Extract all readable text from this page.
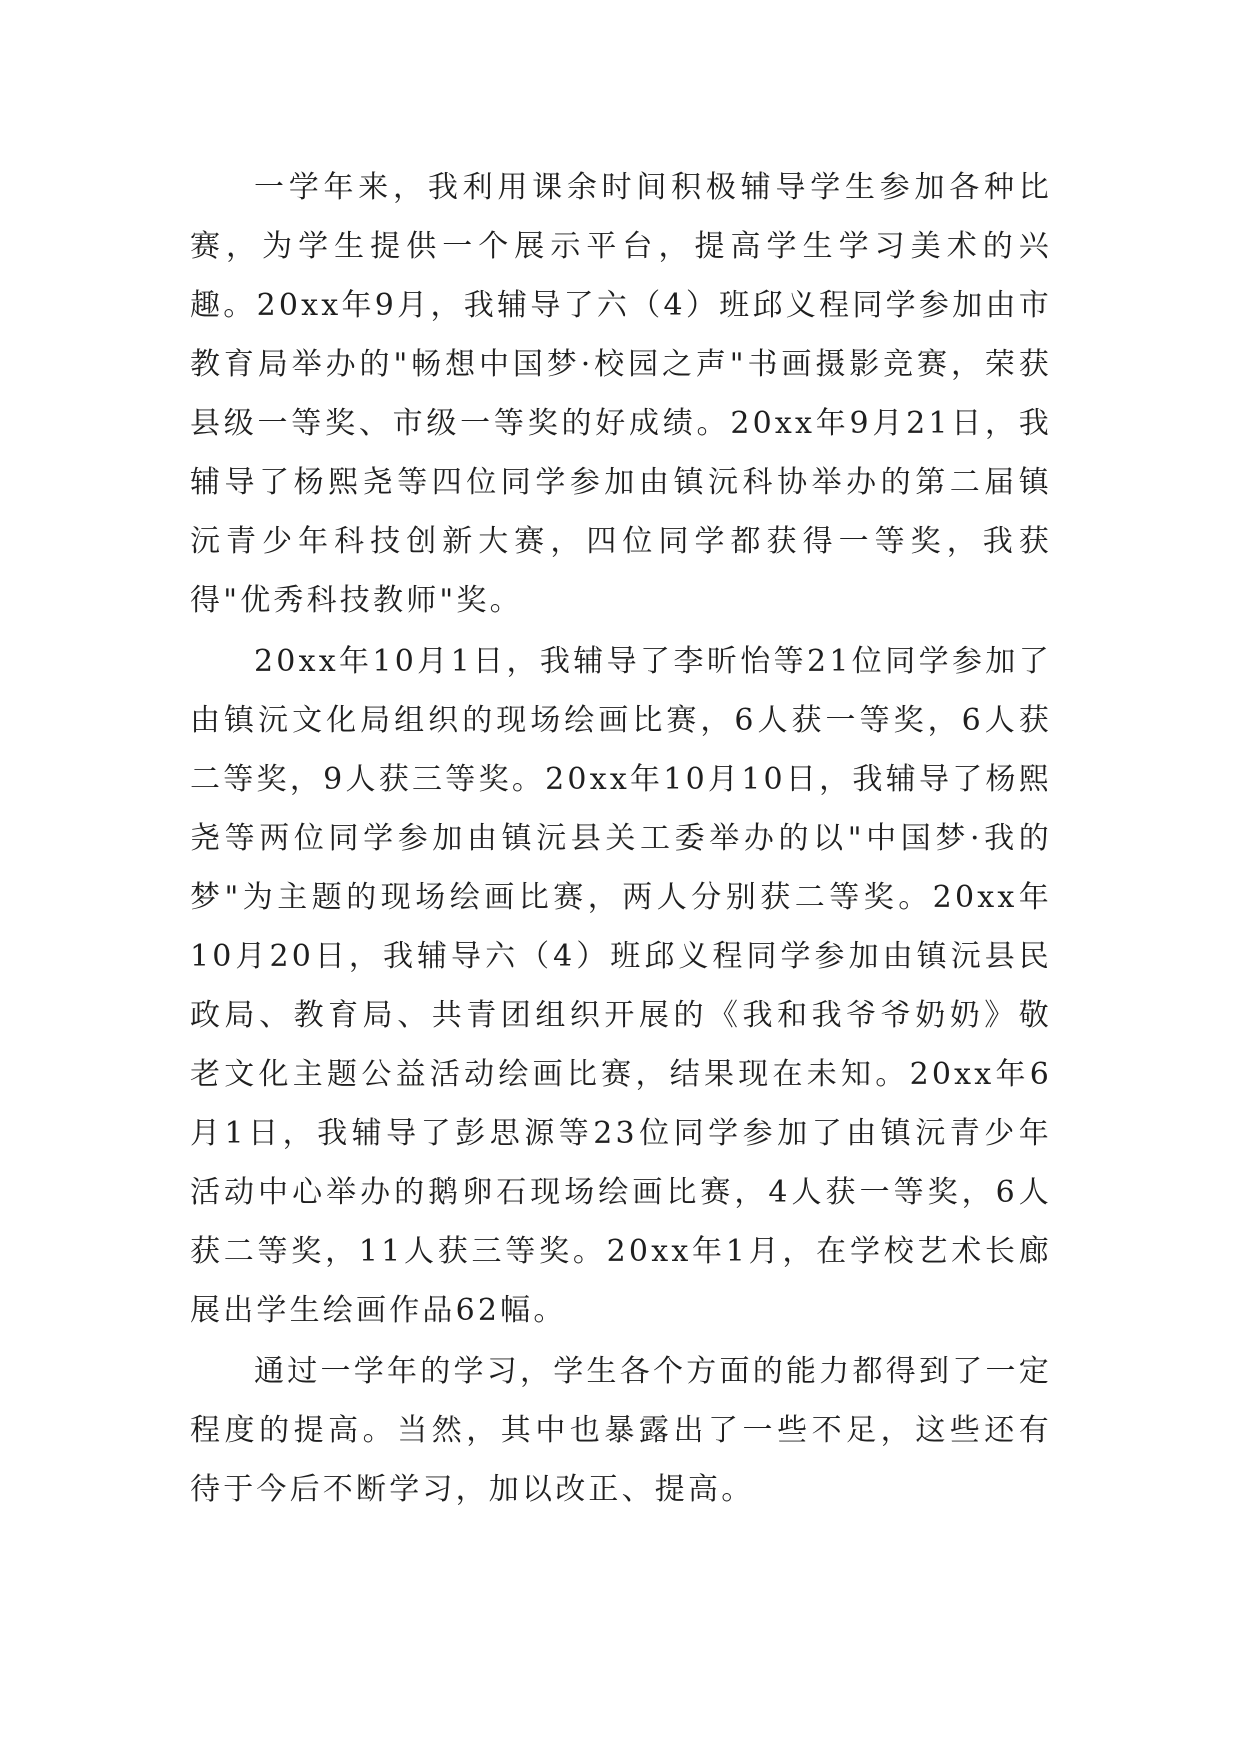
一学年来，我利用课余时间积极辅导学生参加各种比赛，为学生提供一个展示平台，提高学生学习美术的兴趣。20xx年9月，我辅导了六（4）班邱义程同学参加由市教育局举办的"畅想中国梦·校园之声"书画摄影竞赛，荣获县级一等奖、市级一等奖的好成绩。20xx年9月21日，我辅导了杨熙尧等四位同学参加由镇沅科协举办的第二届镇沅青少年科技创新大赛，四位同学都获得一等奖，我获得"优秀科技教师"奖。

20xx年10月1日，我辅导了李昕怡等21位同学参加了由镇沅文化局组织的现场绘画比赛，6人获一等奖，6人获二等奖，9人获三等奖。20xx年10月10日，我辅导了杨熙尧等两位同学参加由镇沅县关工委举办的以"中国梦·我的梦"为主题的现场绘画比赛，两人分别获二等奖。20xx年10月20日，我辅导六（4）班邱义程同学参加由镇沅县民政局、教育局、共青团组织开展的《我和我爷爷奶奶》敬老文化主题公益活动绘画比赛，结果现在未知。20xx年6月1日，我辅导了彭思源等23位同学参加了由镇沅青少年活动中心举办的鹅卵石现场绘画比赛，4人获一等奖，6人获二等奖，11人获三等奖。20xx年1月，在学校艺术长廊展出学生绘画作品62幅。

通过一学年的学习，学生各个方面的能力都得到了一定程度的提高。当然，其中也暴露出了一些不足，这些还有待于今后不断学习，加以改正、提高。
